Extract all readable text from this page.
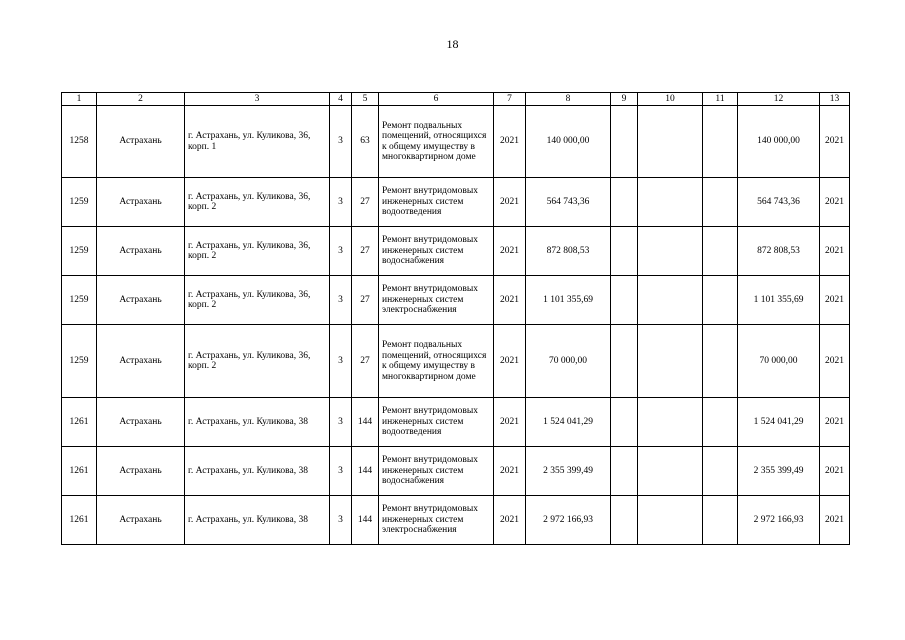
18
1	2	3	4	5	6	7	8	9	10	11	12	13
1258	Астрахань	г. Астрахань, ул. Куликова, 36, корп. 1	3	63	Ремонт подвальных помещений, относящихся к общему имуществу в многоквартирном доме	2021	140 000,00				140 000,00	2021
1259	Астрахань	г. Астрахань, ул. Куликова, 36, корп. 2	3	27	Ремонт внутридомовых инженерных систем водоотведения	2021	564 743,36				564 743,36	2021
1259	Астрахань	г. Астрахань, ул. Куликова, 36, корп. 2	3	27	Ремонт внутридомовых инженерных систем водоснабжения	2021	872 808,53				872 808,53	2021
1259	Астрахань	г. Астрахань, ул. Куликова, 36, корп. 2	3	27	Ремонт внутридомовых инженерных систем электроснабжения	2021	1 101 355,69				1 101 355,69	2021
1259	Астрахань	г. Астрахань, ул. Куликова, 36, корп. 2	3	27	Ремонт подвальных помещений, относящихся к общему имуществу в многоквартирном доме	2021	70 000,00				70 000,00	2021
1261	Астрахань	г. Астрахань, ул. Куликова, 38	3	144	Ремонт внутридомовых инженерных систем водоотведения	2021	1 524 041,29				1 524 041,29	2021
1261	Астрахань	г. Астрахань, ул. Куликова, 38	3	144	Ремонт внутридомовых инженерных систем водоснабжения	2021	2 355 399,49				2 355 399,49	2021
1261	Астрахань	г. Астрахань, ул. Куликова, 38	3	144	Ремонт внутридомовых инженерных систем электроснабжения	2021	2 972 166,93				2 972 166,93	2021
